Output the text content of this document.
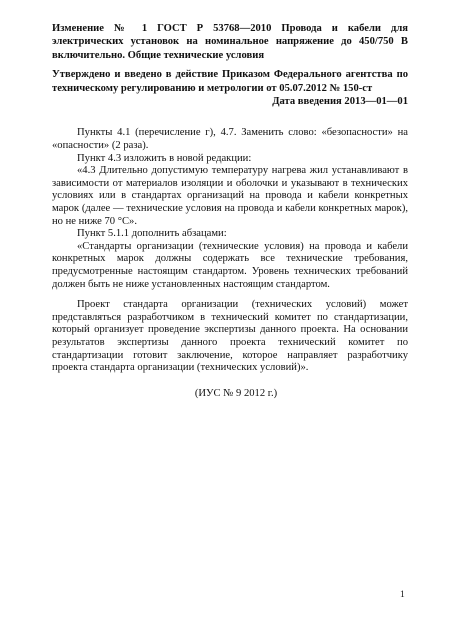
Изменение № 1 ГОСТ Р 53768—2010 Провода и кабели для электрических установок на номинальное напряжение до 450/750 В включительно. Общие технические условия

Утверждено и введено в действие Приказом Федерального агентства по техническому регулированию и метрологии от 05.07.2012 № 150-ст

Дата введения 2013—01—01

Пункты 4.1 (перечисление г), 4.7. Заменить слово: «безопасности» на «опасности» (2 раза).

Пункт 4.3 изложить в новой редакции:

«4.3 Длительно допустимую температуру нагрева жил устанавливают в зависимости от материалов изоляции и оболочки и указывают в технических условиях или в стандартах организаций на провода и кабели конкретных марок (далее — технические условия на провода и кабели конкретных марок), но не ниже 70 °С».

Пункт 5.1.1 дополнить абзацами:

«Стандарты организации (технические условия) на провода и кабели конкретных марок должны содержать все технические требования, предусмотренные настоящим стандартом. Уровень технических требований должен быть не ниже установленных настоящим стандартом.

Проект стандарта организации (технических условий) может представляться разработчиком в технический комитет по стандартизации, который организует проведение экспертизы данного проекта. На основании результатов экспертизы данного проекта технический комитет по стандартизации готовит заключение, которое направляет разработчику проекта стандарта организации (технических условий)».

(ИУС № 9 2012 г.)

1
